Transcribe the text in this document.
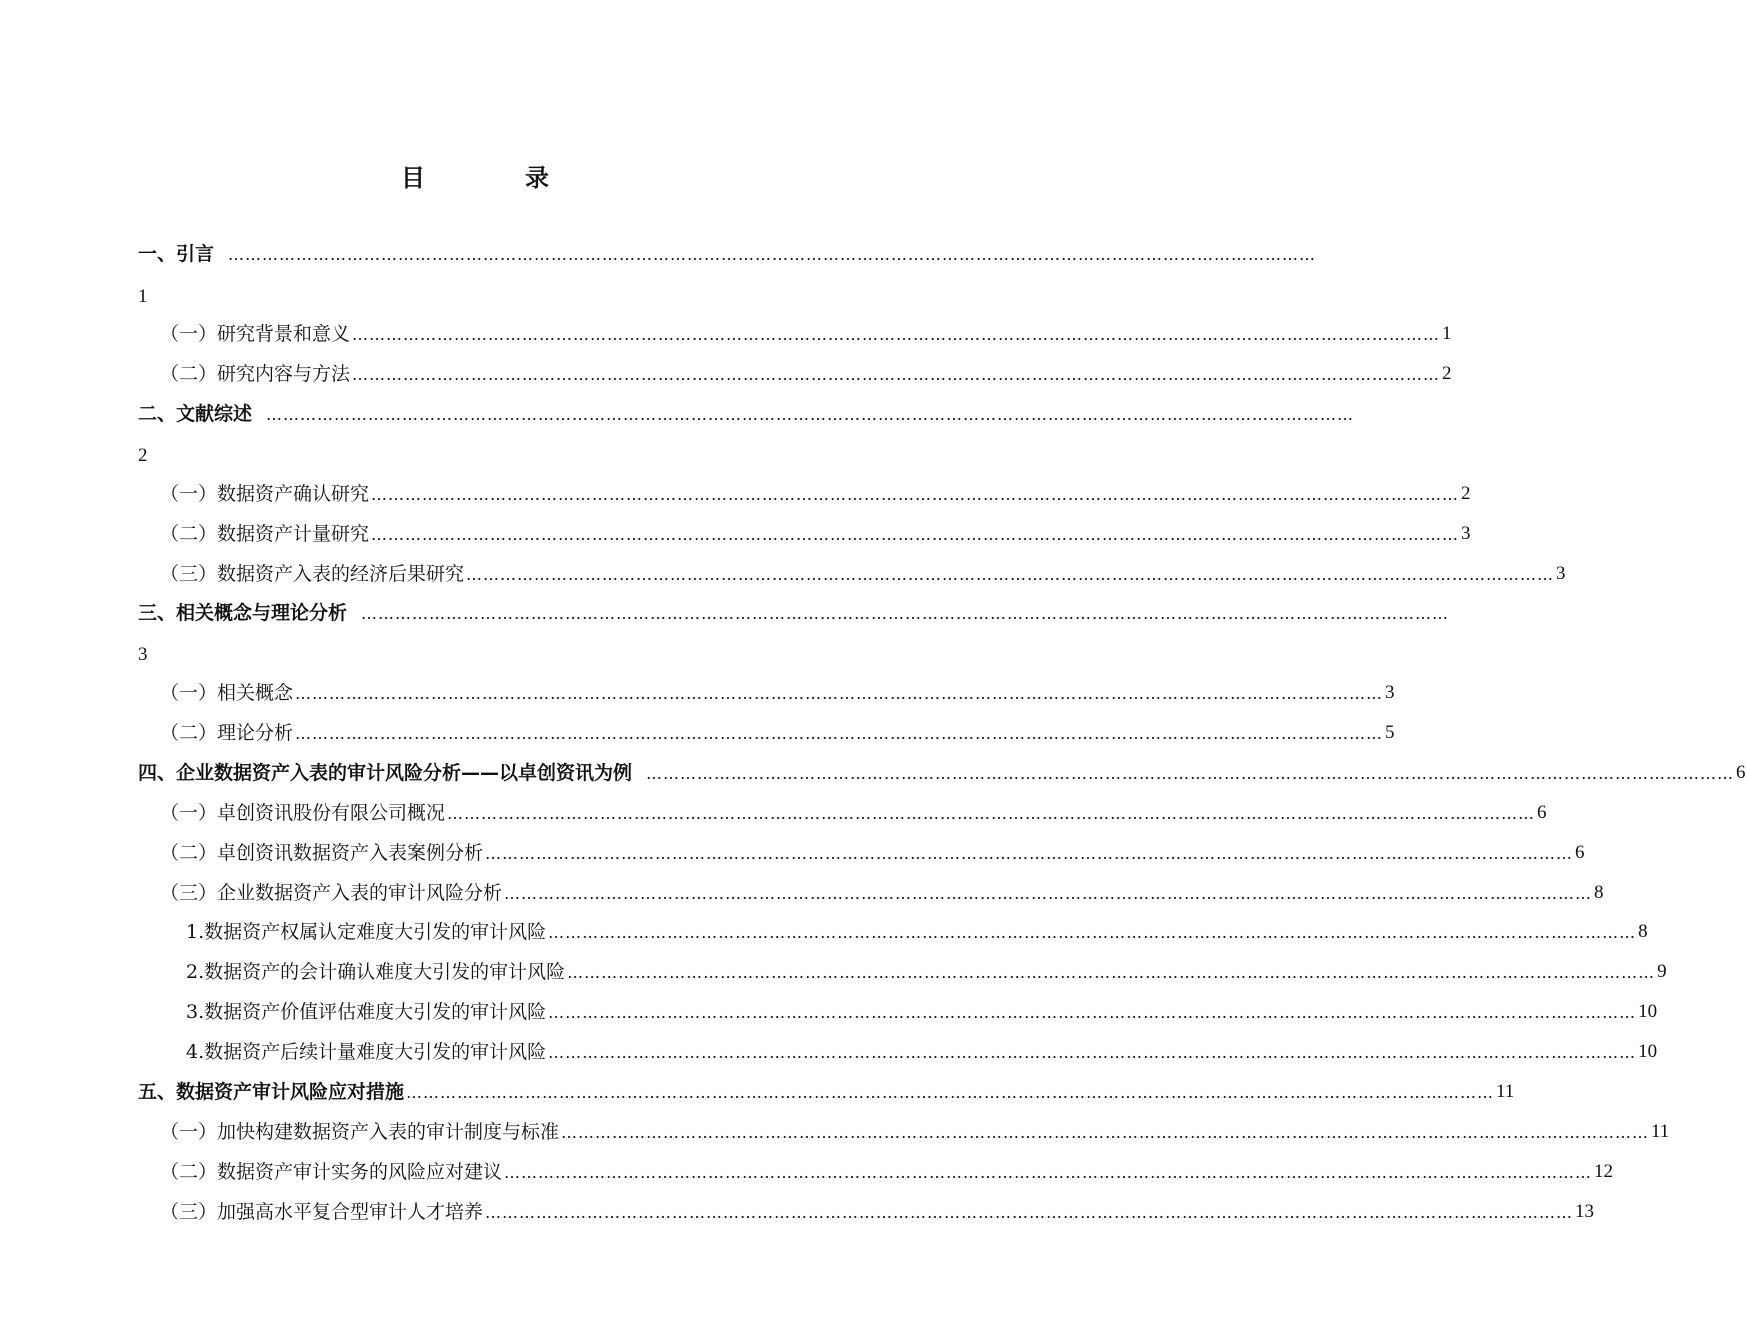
目	录
一、引言 …………………………………………………………………………………………………………………………………………………………………………
1
（一）研究背景和意义 ………………………………………………………………………………………………………………………………………………………………………… 1
（二）研究内容与方法 ………………………………………………………………………………………………………………………………………………………………………… 2
二、文献综述 …………………………………………………………………………………………………………………………………………………………………………
2
（一）数据资产确认研究 ………………………………………………………………………………………………………………………………………………………………………… 2
（二）数据资产计量研究 ………………………………………………………………………………………………………………………………………………………………………… 3
（三）数据资产入表的经济后果研究 ………………………………………………………………………………………………………………………………………………………………………… 3
三、相关概念与理论分析 …………………………………………………………………………………………………………………………………………………………………………
3
（一）相关概念 ………………………………………………………………………………………………………………………………………………………………………… 3
（二）理论分析 ………………………………………………………………………………………………………………………………………………………………………… 5
四、企业数据资产入表的审计风险分析——以卓创资讯为例 ………………………………………………………………………………………………………………………………………………………………………… 6
（一）卓创资讯股份有限公司概况 ………………………………………………………………………………………………………………………………………………………………………… 6
（二）卓创资讯数据资产入表案例分析 ………………………………………………………………………………………………………………………………………………………………………… 6
（三）企业数据资产入表的审计风险分析 ………………………………………………………………………………………………………………………………………………………………………… 8
1.数据资产权属认定难度大引发的审计风险 ………………………………………………………………………………………………………………………………………………………………………… 8
2.数据资产的会计确认难度大引发的审计风险 ………………………………………………………………………………………………………………………………………………………………………… 9
3.数据资产价值评估难度大引发的审计风险 ………………………………………………………………………………………………………………………………………………………………………… 10
4.数据资产后续计量难度大引发的审计风险 ………………………………………………………………………………………………………………………………………………………………………… 10
五、数据资产审计风险应对措施 ………………………………………………………………………………………………………………………………………………………………………… 11
（一）加快构建数据资产入表的审计制度与标准 ………………………………………………………………………………………………………………………………………………………………………… 11
（二）数据资产审计实务的风险应对建议 ………………………………………………………………………………………………………………………………………………………………………… 12
（三）加强高水平复合型审计人才培养 ………………………………………………………………………………………………………………………………………………………………………… 13
